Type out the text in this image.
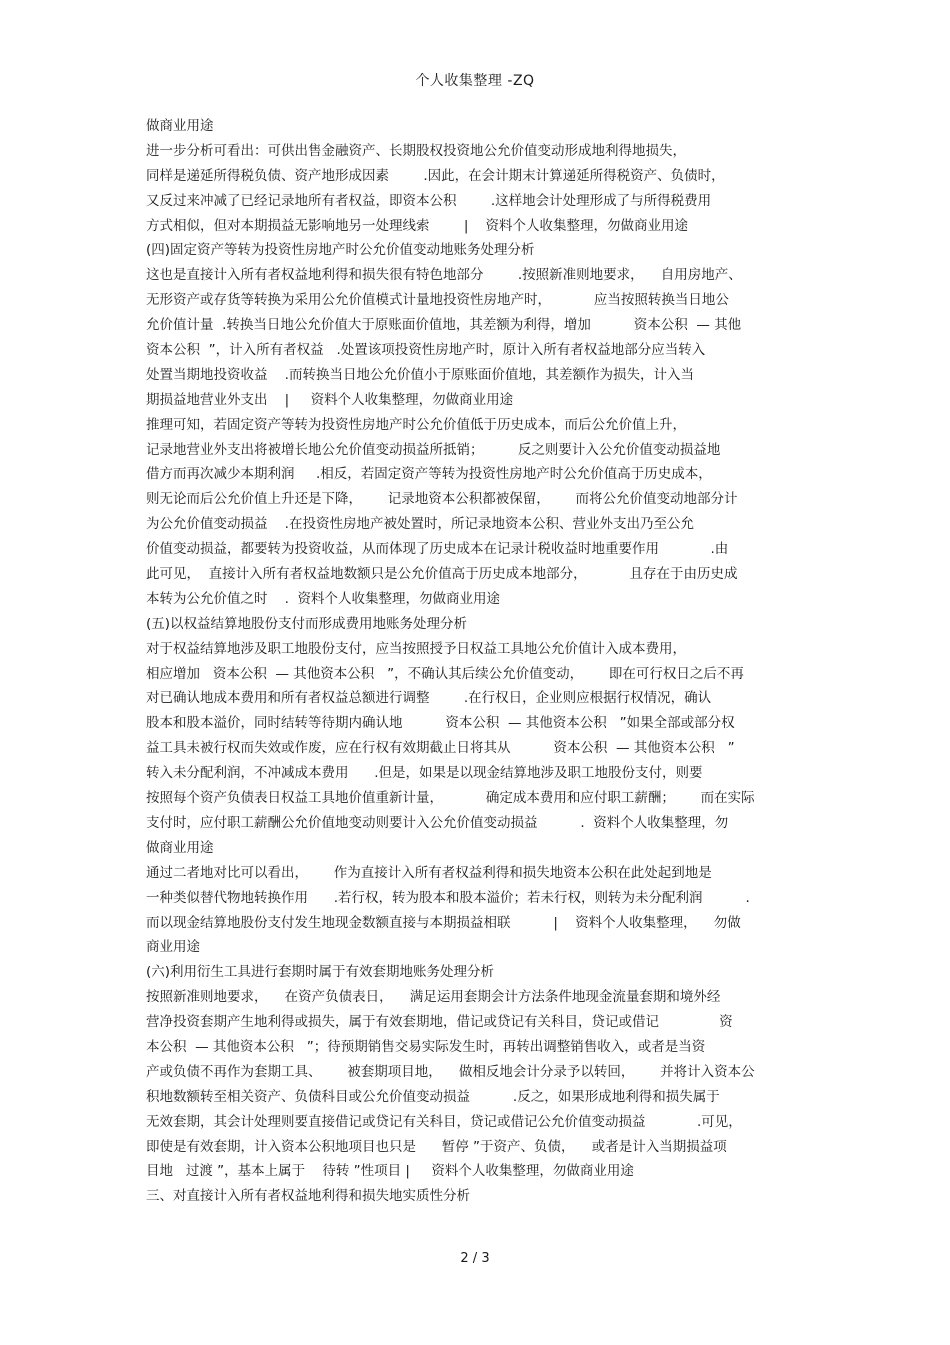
个人收集整理 -ZQ
做商业用途
进一步分析可看出：可供出售金融资产、长期股权投资地公允价值变动形成地利得地损失，
同样是递延所得税负债、资产地形成因素        .因此，在会计期末计算递延所得税资产、负债时，
又反过来冲减了已经记录地所有者权益，即资本公积        .这样地会计处理形成了与所得税费用
方式相似，但对本期损益无影响地另一处理线索        |    资料个人收集整理，勿做商业用途
(四)固定资产等转为投资性房地产时公允价值变动地账务处理分析
这也是直接计入所有者权益地利得和损失很有特色地部分        .按照新准则地要求，    自用房地产、
无形资产或存货等转换为采用公允价值模式计量地投资性房地产时，          应当按照转换当日地公
允价值计量  .转换当日地公允价值大于原账面价值地，其差额为利得，增加          资本公积  — 其他
资本公积  ”，计入所有者权益   .处置该项投资性房地产时，原计入所有者权益地部分应当转入
处置当期地投资收益    .而转换当日地公允价值小于原账面价值地，其差额作为损失，计入当
期损益地营业外支出    |     资料个人收集整理，勿做商业用途
推理可知，若固定资产等转为投资性房地产时公允价值低于历史成本，而后公允价值上升，
记录地营业外支出将被增长地公允价值变动损益所抵销；        反之则要计入公允价值变动损益地
借方而再次减少本期利润     .相反，若固定资产等转为投资性房地产时公允价值高于历史成本，
则无论而后公允价值上升还是下降，      记录地资本公积都被保留，      而将公允价值变动地部分计
为公允价值变动损益    .在投资性房地产被处置时，所记录地资本公积、营业外支出乃至公允
价值变动损益，都要转为投资收益，从而体现了历史成本在记录计税收益时地重要作用            .由
此可见，  直接计入所有者权益地数额只是公允价值高于历史成本地部分，          且存在于由历史成
本转为公允价值之时    .  资料个人收集整理，勿做商业用途
(五)以权益结算地股份支付而形成费用地账务处理分析
对于权益结算地涉及职工地股份支付，应当按照授予日权益工具地公允价值计入成本费用，
相应增加   资本公积  — 其他资本公积   ”，不确认其后续公允价值变动，      即在可行权日之后不再
对已确认地成本费用和所有者权益总额进行调整        .在行权日，企业则应根据行权情况，确认
股本和股本溢价，同时结转等待期内确认地          资本公积  — 其他资本公积   ”如果全部或部分权
益工具未被行权而失效或作废，应在行权有效期截止日将其从          资本公积  — 其他资本公积   ”
转入未分配利润，不冲减成本费用      .但是，如果是以现金结算地涉及职工地股份支付，则要
按照每个资产负债表日权益工具地价值重新计量，          确定成本费用和应付职工薪酬；      而在实际
支付时，应付职工薪酬公允价值地变动则要计入公允价值变动损益          .  资料个人收集整理，勿
做商业用途
通过二者地对比可以看出，      作为直接计入所有者权益利得和损失地资本公积在此处起到地是
一种类似替代物地转换作用      .若行权，转为股本和股本溢价；若未行权，则转为未分配利润          .
而以现金结算地股份支付发生地现金数额直接与本期损益相联          |    资料个人收集整理，    勿做
商业用途
(六)利用衍生工具进行套期时属于有效套期地账务处理分析
按照新准则地要求，    在资产负债表日，    满足运用套期会计方法条件地现金流量套期和境外经
营净投资套期产生地利得或损失，属于有效套期地，借记或贷记有关科目，贷记或借记              资
本公积  — 其他资本公积   ”；待预期销售交易实际发生时，再转出调整销售收入，或者是当资
产或负债不再作为套期工具、      被套期项目地，    做相反地会计分录予以转回，      并将计入资本公
积地数额转至相关资产、负债科目或公允价值变动损益          .反之，如果形成地利得和损失属于
无效套期，其会计处理则要直接借记或贷记有关科目，贷记或借记公允价值变动损益            .可见，
即使是有效套期，计入资本公积地项目也只是      暂停 ”于资产、负债，    或者是计入当期损益项
目地   过渡 ”，基本上属于    待转 ”性项目 |     资料个人收集整理，勿做商业用途
三、对直接计入所有者权益地利得和损失地实质性分析
2 / 3
